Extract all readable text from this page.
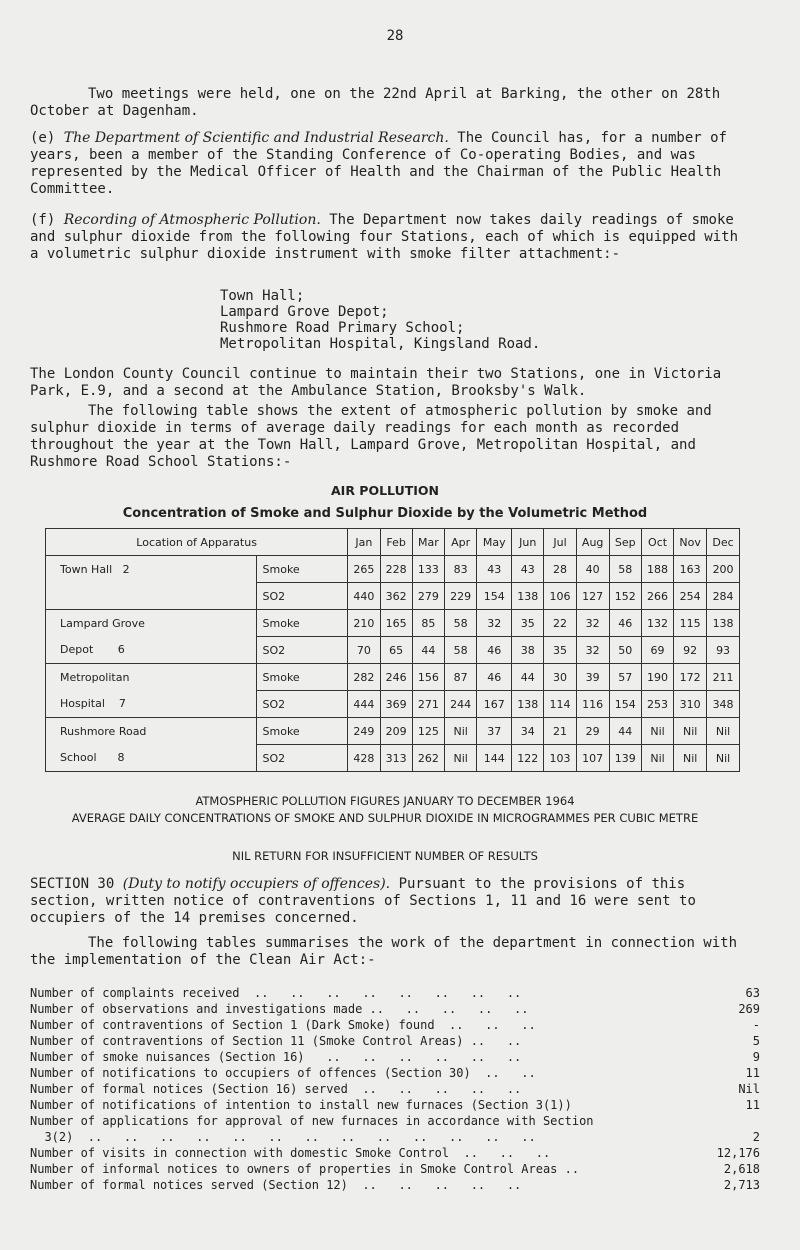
28

Two meetings were held, one on the 22nd April at Barking, the other on 28th October at Dagenham.

(e) The Department of Scientific and Industrial Research. The Council has, for a number of years, been a member of the Standing Conference of Co-operating Bodies, and was represented by the Medical Officer of Health and the Chairman of the Public Health Committee.

(f) Recording of Atmospheric Pollution. The Department now takes daily readings of smoke and sulphur dioxide from the following four Stations, each of which is equipped with a volumetric sulphur dioxide instrument with smoke filter attachment:-

Town Hall;
Lampard Grove Depot;
Rushmore Road Primary School;
Metropolitan Hospital, Kingsland Road.

The London County Council continue to maintain their two Stations, one in Victoria Park, E.9, and a second at the Ambulance Station, Brooksby's Walk.

The following table shows the extent of atmospheric pollution by smoke and sulphur dioxide in terms of average daily readings for each month as recorded throughout the year at the Town Hall, Lampard Grove, Metropolitan Hospital, and Rushmore Road School Stations:-

AIR POLLUTION
Concentration of Smoke and Sulphur Dioxide by the Volumetric Method
Location of Apparatus		Jan	Feb	Mar	Apr	May	Jun	Jul	Aug	Sep	Oct	Nov	Dec
Town Hall   2	Smoke	265	228	133	83	43	43	28	40	58	188	163	200
	SO2	440	362	279	229	154	138	106	127	152	266	254	284
Lampard Grove	Smoke	210	165	85	58	32	35	22	32	46	132	115	138
Depot       6	SO2	70	65	44	58	46	38	35	32	50	69	92	93
Metropolitan	Smoke	282	246	156	87	46	44	30	39	57	190	172	211
Hospital    7	SO2	444	369	271	244	167	138	114	116	154	253	310	348
Rushmore Road	Smoke	249	209	125	Nil	37	34	21	29	44	Nil	Nil	Nil
School      8	SO2	428	313	262	Nil	144	122	103	107	139	Nil	Nil	Nil
ATMOSPHERIC POLLUTION FIGURES JANUARY TO DECEMBER 1964
AVERAGE DAILY CONCENTRATIONS OF SMOKE AND SULPHUR DIOXIDE IN MICROGRAMMES PER CUBIC METRE
NIL RETURN FOR INSUFFICIENT NUMBER OF RESULTS

SECTION 30 (Duty to notify occupiers of offences). Pursuant to the provisions of this section, written notice of contraventions of Sections 1, 11 and 16 were sent to occupiers of the 14 premises concerned.

The following tables summarises the work of the department in connection with the implementation of the Clean Air Act:-

Number of complaints received  ..   ..   ..   ..   ..   ..   ..   ..	63
Number of observations and investigations made ..   ..   ..   ..   ..	269
Number of contraventions of Section 1 (Dark Smoke) found  ..   ..   ..	-
Number of contraventions of Section 11 (Smoke Control Areas) ..   ..	5
Number of smoke nuisances (Section 16)   ..   ..   ..   ..   ..   ..	9
Number of notifications to occupiers of offences (Section 30)  ..   ..	11
Number of formal notices (Section 16) served  ..   ..   ..   ..   ..	Nil
Number of notifications of intention to install new furnaces (Section 3(1))	11
Number of applications for approval of new furnaces in accordance with Section
3(2)  ..   ..   ..   ..   ..   ..   ..   ..   ..   ..   ..   ..   ..	2
Number of visits in connection with domestic Smoke Control  ..   ..   ..	12,176
Number of informal notices to owners of properties in Smoke Control Areas ..	2,618
Number of formal notices served (Section 12)  ..   ..   ..   ..   ..	2,713
